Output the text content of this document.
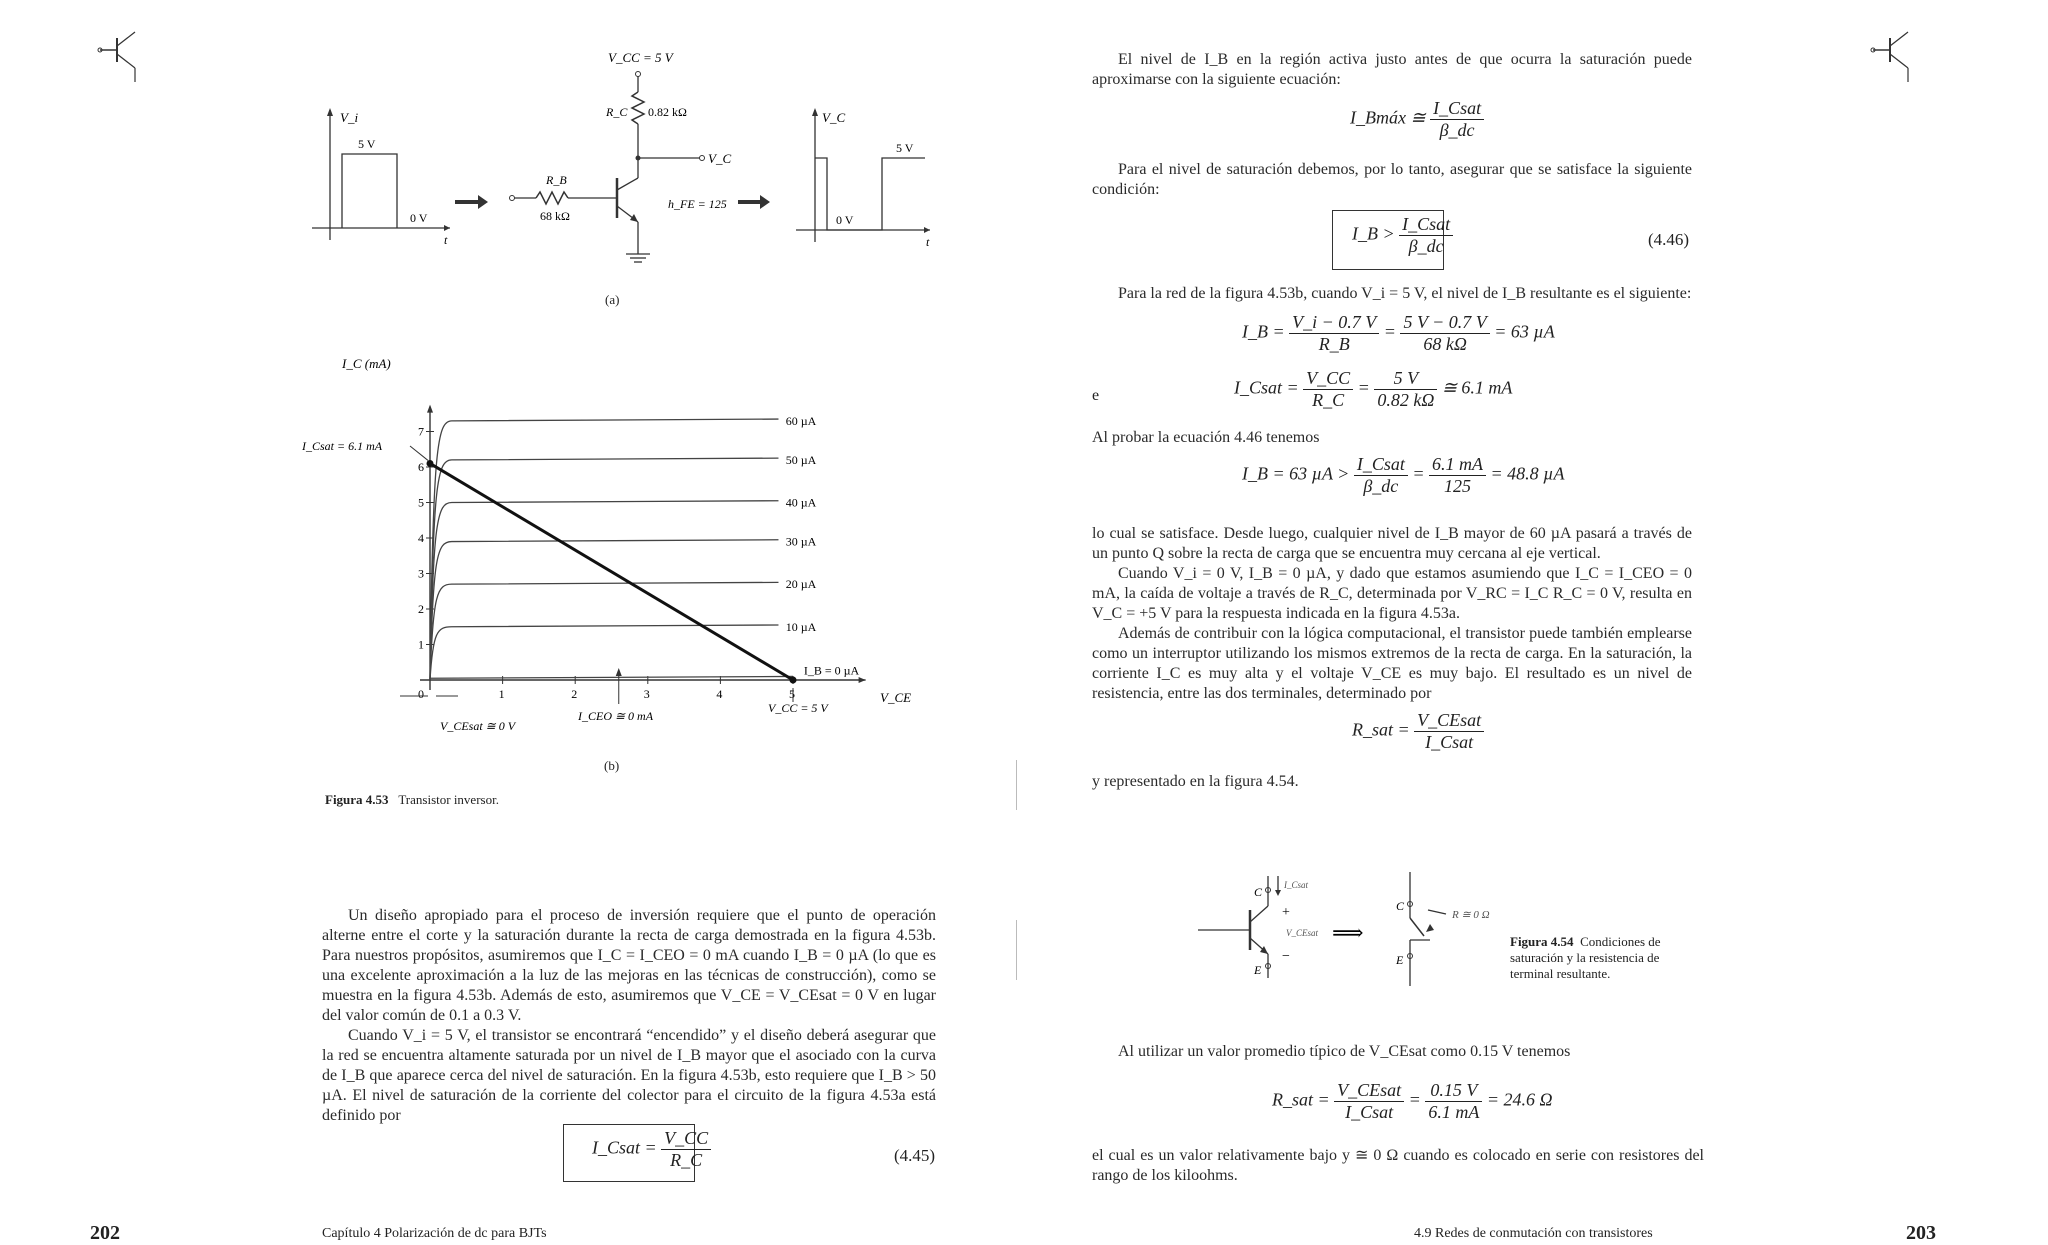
V_i
5 V
0 V
t
V_CC = 5 V
R_C 0.82 kΩ
V_C
R_B
68 kΩ
h_FE = 125
V_C
5 V
0 V
t
(a)
I_C (mA)
V_CE
I_Csat = 6.1 mA
V_CC = 5 V
I_CEO ≅ 0 mA
V_CEsat ≅ 0 V
1
2
3
4
5
6
7
0	1	2	3	4	5
60 µA
50 µA
40 µA
30 µA
20 µA
10 µA
I_B = 0 µA
(b)
Figura 4.53 Transistor inversor.

Un diseño apropiado para el proceso de inversión requiere que el punto de operación alterne entre el corte y la saturación durante la recta de carga demostrada en la figura 4.53b. Para nuestros propósitos, asumiremos que I_C = I_CEO = 0 mA cuando I_B = 0 µA (lo que es una excelente aproximación a la luz de las mejoras en las técnicas de construcción), como se muestra en la figura 4.53b. Además de esto, asumiremos que V_CE = V_CEsat = 0 V en lugar del valor común de 0.1 a 0.3 V.

Cuando V_i = 5 V, el transistor se encontrará “encendido” y el diseño deberá asegurar que la red se encuentra altamente saturada por un nivel de I_B mayor que el asociado con la curva de I_B que aparece cerca del nivel de saturación. En la figura 4.53b, esto requiere que I_B > 50 µA. El nivel de saturación de la corriente del colector para el circuito de la figura 4.53a está definido por

I_Csat = $\frac{V\_CC}{R\_C}$	(4.45)
202	Capítulo 4 Polarización de dc para BJTs

El nivel de I_B en la región activa justo antes de que ocurra la saturación puede aproximarse con la siguiente ecuación:

I_Bmáx ≅ $\frac{\text{I\_Csat}}{\beta\_dc}$

Para el nivel de saturación debemos, por lo tanto, asegurar que se satisface la siguiente condición:

I_B > $\frac{\text{I\_Csat}}{\beta\_dc}$	(4.46)

Para la red de la figura 4.53b, cuando V_i = 5 V, el nivel de I_B resultante es el siguiente:

I_B = $\frac{V\_i - 0.7 V}{R\_B} = \frac{5 V - 0.7 V}{68 k\Omega} = 63$ µA
e	I_Csat = $\frac{V\_CC}{R\_C} = \frac{5 V}{0.82 k\Omega}$ ≅ 6.1 mA

Al probar la ecuación 4.46 tenemos

I_B = 63 $\mu A > \frac{\text{I\_Csat}}{\beta\_dc} = \frac{6.1 mA}{125} = 48.8$ µA

lo cual se satisface. Desde luego, cualquier nivel de I_B mayor de 60 µA pasará a través de un punto Q sobre la recta de carga que se encuentra muy cercana al eje vertical.

Cuando V_i = 0 V, I_B = 0 µA, y dado que estamos asumiendo que I_C = I_CEO = 0 mA, la caída de voltaje a través de R_C, determinada por V_RC = I_C R_C = 0 V, resulta en V_C = +5 V para la respuesta indicada en la figura 4.53a.

Además de contribuir con la lógica computacional, el transistor puede también emplearse como un interruptor utilizando los mismos extremos de la recta de carga. En la saturación, la corriente I_C es muy alta y el voltaje V_CE es muy bajo. El resultado es un nivel de resistencia, entre las dos terminales, determinado por

R_sat = $\frac{\text{V\_CEsat}}{\text{I\_Csat}}$

y representado en la figura 4.54.

C
E
I_Csat
+
V_CEsat
−
⟹
C
E
R ≅ 0 Ω
Figura 4.54 Condiciones de saturación y la resistencia de terminal resultante.

Al utilizar un valor promedio típico de V_CEsat como 0.15 V tenemos

R_sat = $\frac{\text{V\_CEsat}}{\text{I\_Csat}} = \frac{0.15 V}{6.1 mA} = 24.6$ Ω

el cual es un valor relativamente bajo y ≅ 0 Ω cuando es colocado en serie con resistores del rango de los kiloohms.

4.9 Redes de conmutación con transistores	203
